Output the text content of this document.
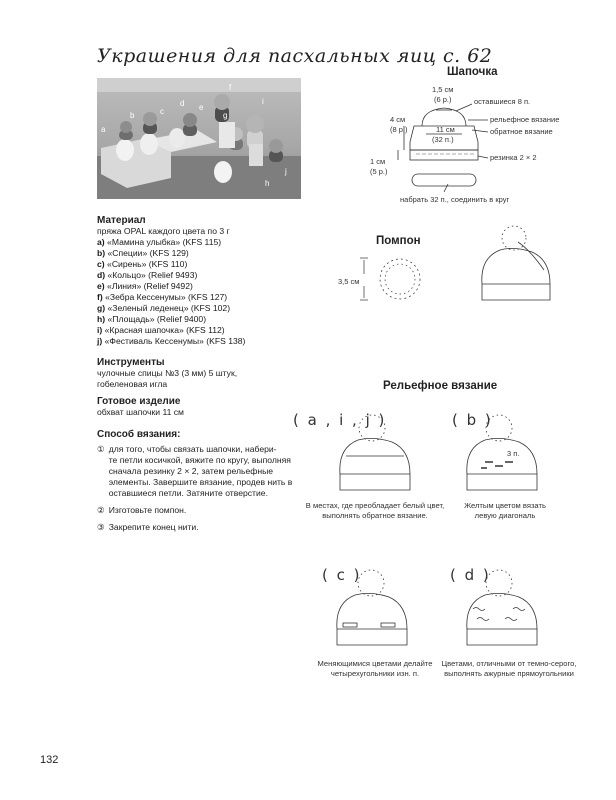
Украшения для пасхальных яиц с. 62
a
b	c
d e
f
g
h
i
j
Материал
пряжа OPAL каждого цвета по 3 г
a) «Мамина улыбка» (KFS 115)
b) «Специи» (KFS 129)
c) «Сирень» (KFS 110)
d) «Кольцо» (Relief 9493)
e) «Линия» (Relief 9492)
f) «Зебра Кессенумы» (KFS 127)
g) «Зеленый леденец» (KFS 102)
h) «Площадь» (Relief 9400)
i) «Красная шапочка» (KFS 112)
j) «Фестиваль Кессенумы» (KFS 138)
Инструменты
чулочные спицы №3 (3 мм) 5 штук,
гобеленовая игла
Готовое изделие
обхват шапочки 11 см
Способ вязания:
① для того, чтобы связать шапочки, набери-
те петли косичкой, вяжите по кругу, выполняя
сначала резинку 2 × 2, затем рельефные
элементы. Завершите вязание, продев нить в
оставшиеся петли. Затяните отверстие.
② Изготовьте помпон.
③ Закрепите конец нити.
Шапочка
1,5 см
(6 р.)	оставшиеся 8 п.
рельефное вязание
обратное вязание
4 см
(8 р.)	11 см
(32 п.)
резинка 2 × 2
1 см
(5 р.)
набрать 32 п., соединить в круг
Помпон
3,5 см
Рельефное вязание
( a , i , j )
В местах, где преобладает белый цвет,
выполнять обратное вязание.
( b )
3 п.
Желтым цветом вязать
левую диагональ
( c )
Меняющимися цветами делайте
четырехугольники изн. п.
( d )
Цветами, отличными от темно-серого,
выполнять ажурные прямоугольники
132
